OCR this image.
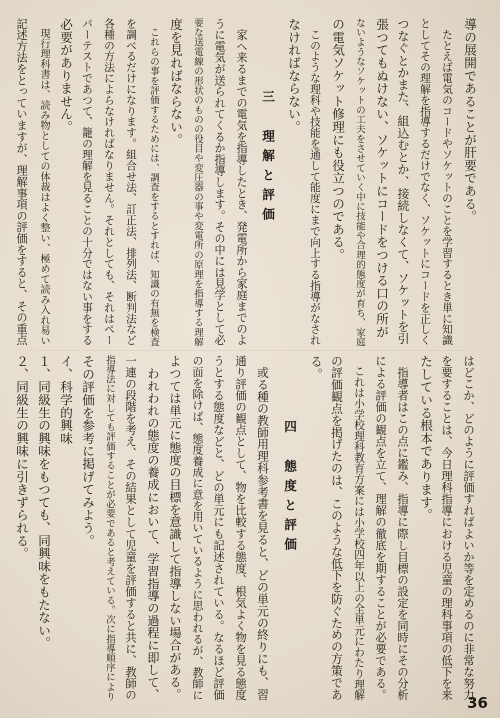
導の展開であることが肝要である。
　たとえば電気のコードやソケットのことを学習するとき単に知識
としてその理解を指導するだけでなく、ソケットにコードを正しく
つなぐとかまた、組込むとか、接続しなくて、ソケットを引
張つてもぬけない、ソケットにコードをつける口の所が
ないようなソケットの工夫をさせていく中に技能や合理的態度が育ち、家庭
の電気ソケット修理にも役立つのである。
　このような理科や技能を通して能度にまで向上する指導がなされ
なければならない。
三　理解と評価
　家へ来るまでの電気を指導したとき、発電所から家庭までのよ
うに電気が送られてくるか指導します。その中には見学として必
要な送電線の形状のものの役目や変圧器の事や変電所の原理を指導する理解
度を見ればならない。
　これらの事を評価するためには、調査をするとすれば、知識の有無を検査
を調べるだけになります。組合せ法、訂正法、排列法、断判法など
各種の方法によらなければなりません。それとしても、それはペー
パーテストであつて、籠の理解を見ることの十分ではない事をする
必要がありません。
　現行理科書は、読み物としての体裁はよく整い、極めて読み入れ易い
記述方法をとっていますが、理解事項の評価をすると、その重点
はどこか、どのように評価すればよいか等を定めるのに非常な努力
を要することは、今日理科指導における児童の理科事項の低下を来
たしている根本であります。
　指導者はこの点に鑑み、指導に際し目標の設定を同時にその分析
による評価の観点を立て、理解の徹底を期することが必要である。
　これは小学校理科教育方案には小学校四年以上の全単元にわたり理解
の評価観点を掲げたのは、このような低下を防ぐための方策であ
る。
四　態度と評価
　或る種の教師用理科参考書を見ると、どの単元の終りにも、習
通り評価の観点として、物を比較する態度、根気よく物を見る態度
うとする態度などと、どの単元にも記述されている。なるほど評価
の面を除けば、態度養成に意を用いているように思われるが、教師に
よつては単元に態度の目標を意識して指導しない場合がある。
　われわれの態度の養成において、学習指導の過程に即して、
一連の段階を考え、その結果として児童を評価すると共に、教師の
指導法に対しても評価することが必要であると考えている。次に指導順序により
その評価を参考に掲げてみよう。
イ、科学的興味
１、同級生の興味をもつても、同興味をもたない。
２、同級生の興味に引きずられる。
36
